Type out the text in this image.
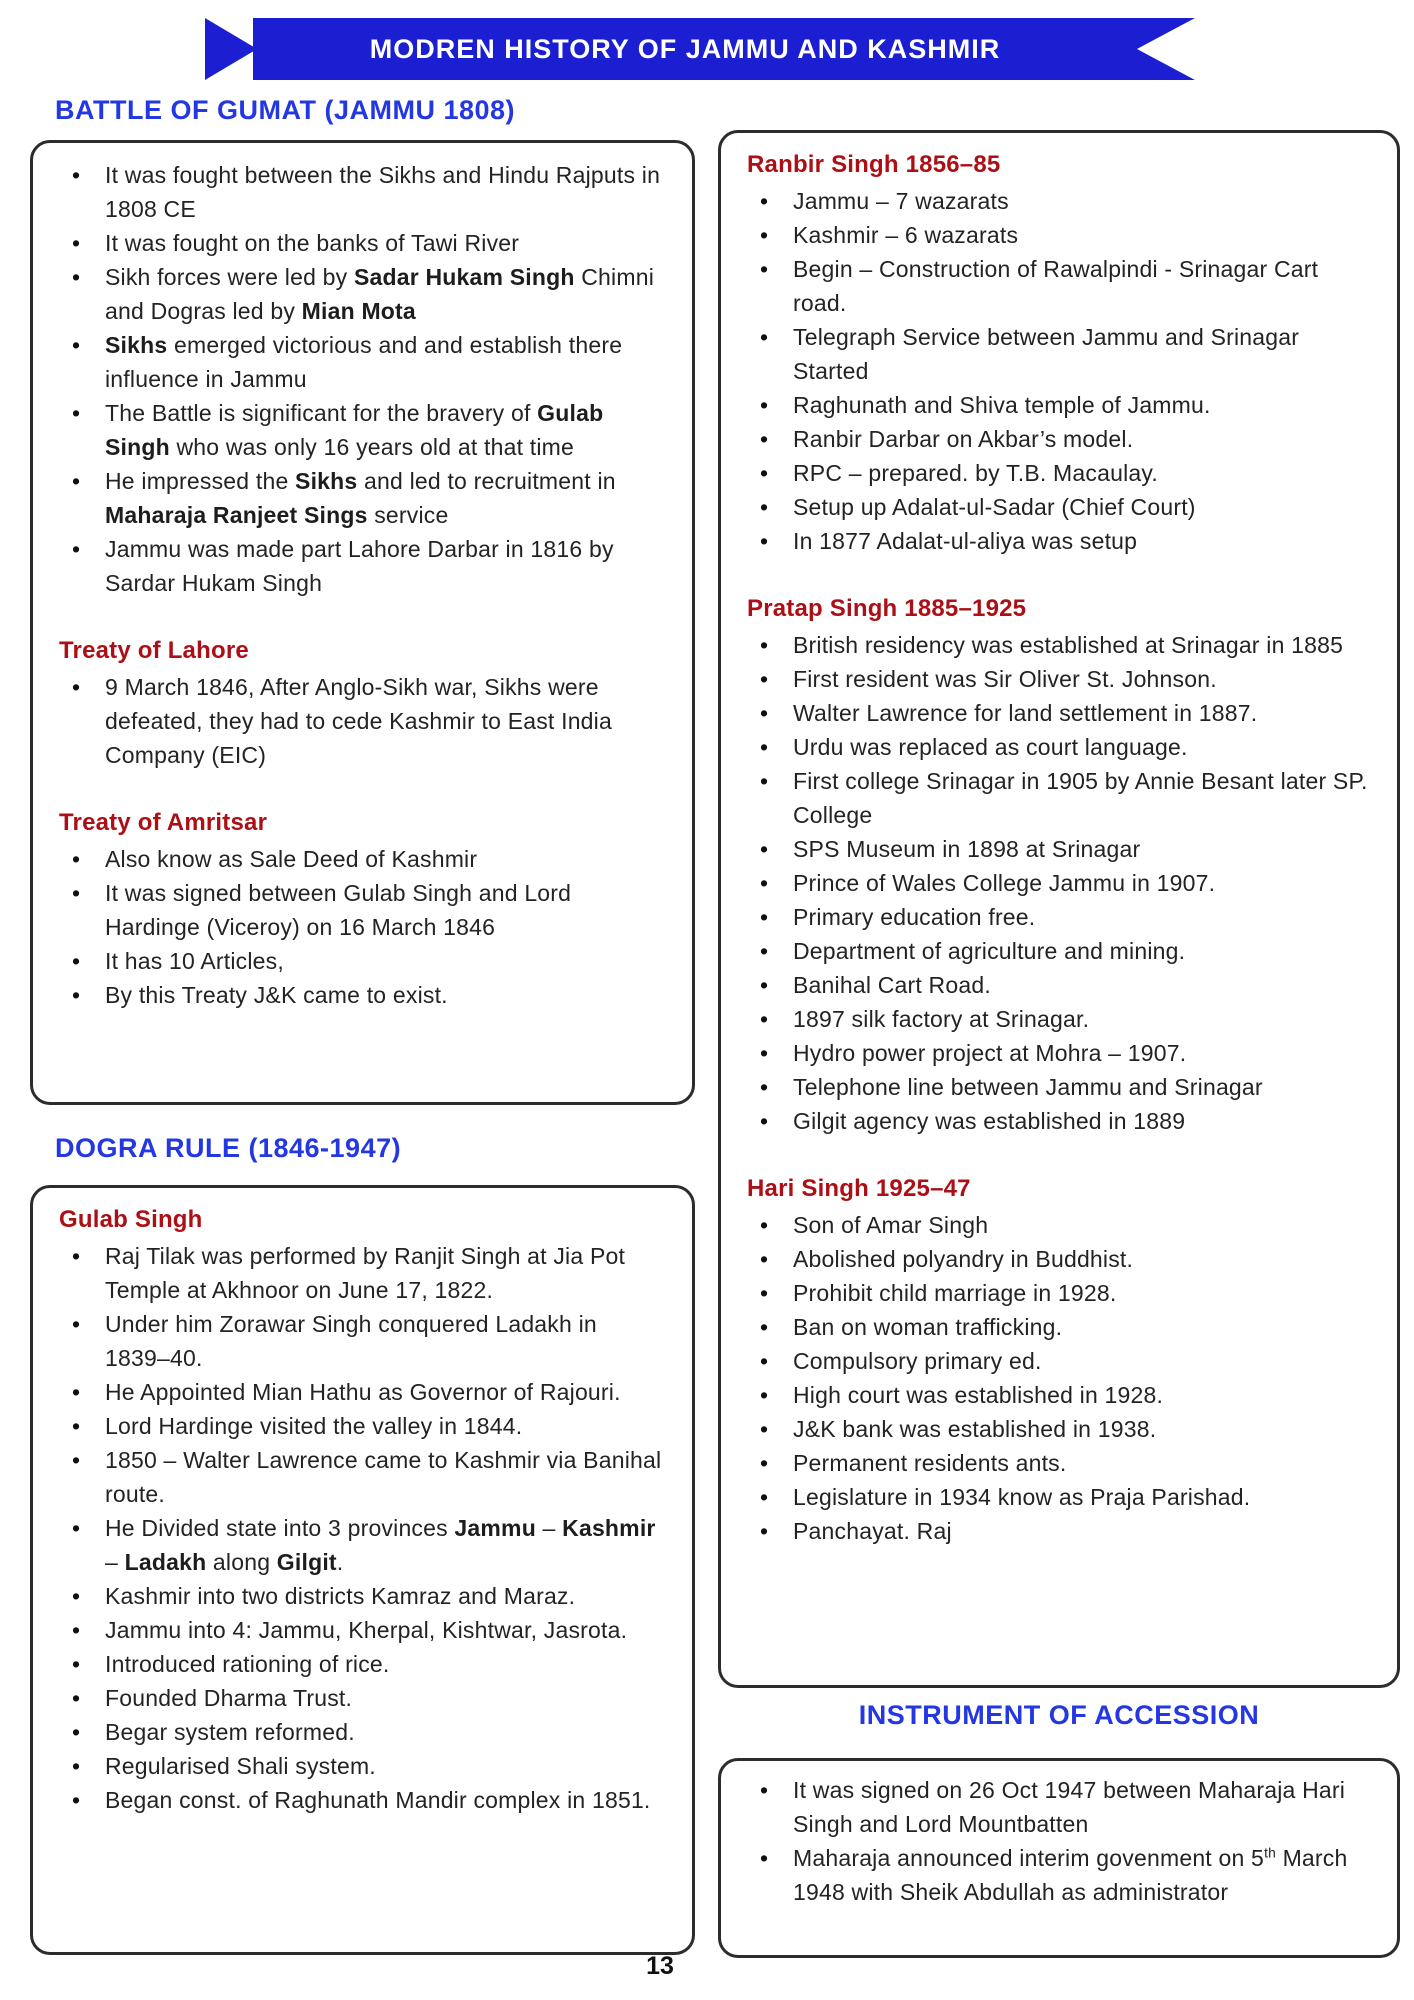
MODREN HISTORY OF JAMMU AND KASHMIR
BATTLE OF GUMAT (JAMMU 1808)
• It was fought between the Sikhs and Hindu Rajputs in 1808 CE
• It was fought on the banks of Tawi River
• Sikh forces were led by Sadar Hukam Singh Chimni and Dogras led by Mian Mota
• Sikhs emerged victorious and and establish there influence in Jammu
• The Battle is significant for the bravery of Gulab Singh who was only 16 years old at that time
• He impressed the Sikhs and led to recruitment in Maharaja Ranjeet Sings service
• Jammu was made part Lahore Darbar in 1816 by Sardar Hukam Singh
Treaty of Lahore
• 9 March 1846, After Anglo-Sikh war, Sikhs were defeated, they had to cede Kashmir to East India Company (EIC)
Treaty of Amritsar
• Also know as Sale Deed of Kashmir
• It was signed between Gulab Singh and Lord Hardinge (Viceroy) on 16 March 1846
• It has 10 Articles,
• By this Treaty J&K came to exist.
DOGRA RULE (1846-1947)
Gulab Singh
• Raj Tilak was performed by Ranjit Singh at Jia Pot Temple at Akhnoor on June 17, 1822.
• Under him Zorawar Singh conquered Ladakh in 1839–40.
• He Appointed Mian Hathu as Governor of Rajouri.
• Lord Hardinge visited the valley in 1844.
• 1850 – Walter Lawrence came to Kashmir via Banihal route.
• He Divided state into 3 provinces Jammu – Kashmir – Ladakh along Gilgit.
• Kashmir into two districts Kamraz and Maraz.
• Jammu into 4: Jammu, Kherpal, Kishtwar, Jasrota.
• Introduced rationing of rice.
• Founded Dharma Trust.
• Begar system reformed.
• Regularised Shali system.
• Began const. of Raghunath Mandir complex in 1851.
Ranbir Singh 1856–85
• Jammu – 7 wazarats
• Kashmir – 6 wazarats
• Begin – Construction of Rawalpindi - Srinagar Cart road.
• Telegraph Service between Jammu and Srinagar Started
• Raghunath and Shiva temple of Jammu.
• Ranbir Darbar on Akbar’s model.
• RPC – prepared. by T.B. Macaulay.
• Setup up Adalat-ul-Sadar (Chief Court)
• In 1877 Adalat-ul-aliya was setup
Pratap Singh 1885–1925
• British residency was established at Srinagar in 1885
• First resident was Sir Oliver St. Johnson.
• Walter Lawrence for land settlement in 1887.
• Urdu was replaced as court language.
• First college Srinagar in 1905 by Annie Besant later SP. College
• SPS Museum in 1898 at Srinagar
• Prince of Wales College Jammu in 1907.
• Primary education free.
• Department of agriculture and mining.
• Banihal Cart Road.
• 1897 silk factory at Srinagar.
• Hydro power project at Mohra – 1907.
• Telephone line between Jammu and Srinagar
• Gilgit agency was established in 1889
Hari Singh 1925–47
• Son of Amar Singh
• Abolished polyandry in Buddhist.
• Prohibit child marriage in 1928.
• Ban on woman trafficking.
• Compulsory primary ed.
• High court was established in 1928.
• J&K bank was established in 1938.
• Permanent residents ants.
• Legislature in 1934 know as Praja Parishad.
• Panchayat. Raj
INSTRUMENT OF ACCESSION
• It was signed on 26 Oct 1947 between Maharaja Hari Singh and Lord Mountbatten
• Maharaja announced interim govenment on 5th March 1948 with Sheik Abdullah as administrator
13
